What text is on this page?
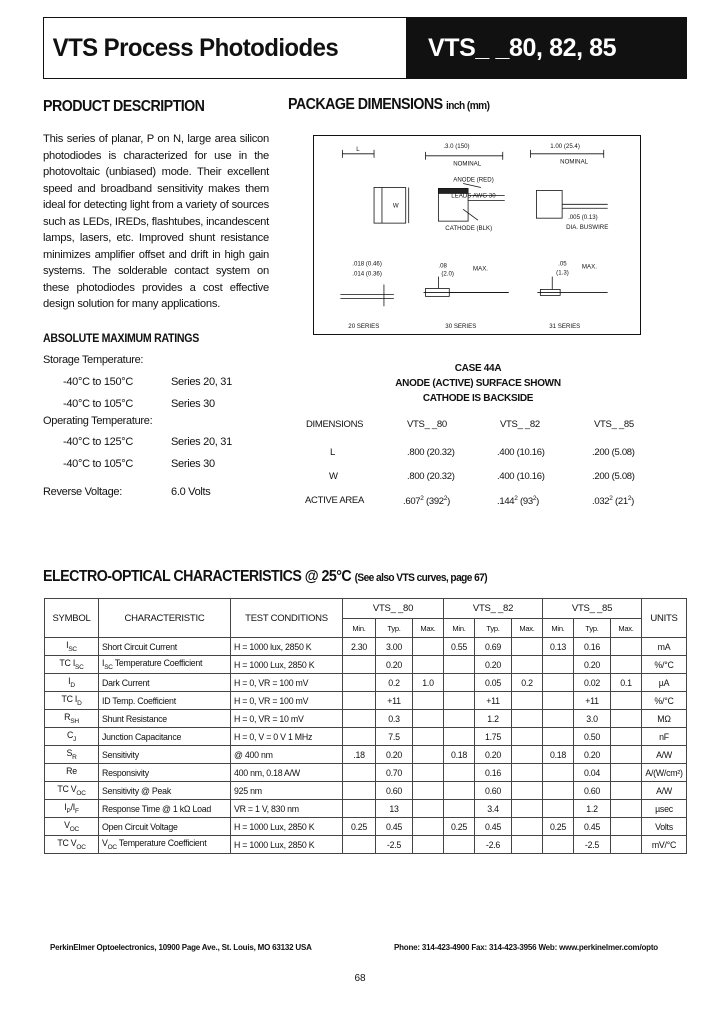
VTS Process Photodiodes	VTS_ _80, 82, 85
PRODUCT DESCRIPTION
This series of planar, P on N, large area silicon photodiodes is characterized for use in the photovoltaic (unbiased) mode. Their excellent speed and broadband sensitivity makes them ideal for detecting light from a variety of sources such as LEDs, IREDs, flashtubes, incandescent lamps, lasers, etc. Improved shunt resistance minimizes amplifier offset and drift in high gain systems. The solderable contact system on these photodiodes provides a cost effective design solution for many applications.
ABSOLUTE MAXIMUM RATINGS
Storage Temperature:
-40°C to 150°C	Series 20, 31
-40°C to 105°C	Series 30
Operating Temperature:
-40°C to 125°C	Series 20, 31
-40°C to 105°C	Series 30
Reverse Voltage:	6.0 Volts
PACKAGE DIMENSIONS inch (mm)
L
W
.3.0 (150)
NOMINAL
ANODE (RED)
LEADS AWG 30
CATHODE (BLK)
1.00 (25.4)
NOMINAL
.005 (0.13)
DIA. BUSWIRE
.018 (0.46)
.014 (0.36)
.08
(2.0)
MAX.
.05
(1.3)
MAX.
20 SERIES	30 SERIES	31 SERIES
CASE 44A
ANODE (ACTIVE) SURFACE SHOWN
CATHODE IS BACKSIDE
DIMENSIONS	VTS_ _80	VTS_ _82	VTS_ _85
L	.800 (20.32)	.400 (10.16)	.200 (5.08)
W	.800 (20.32)	.400 (10.16)	.200 (5.08)
ACTIVE AREA	.607$^2$ $(392^2)$	.144$^2$ $(93^2)$	.032$^2$ $(21^2)$
ELECTRO-OPTICAL CHARACTERISTICS @ 25°C (See also VTS curves, page 67)
SYMBOL	CHARACTERISTIC	TEST CONDITIONS	VTS_ _80			VTS_ _82			VTS_ _85			UNITS
			Min.	Typ.	Max.	Min.	Typ.	Max.	Min.	Typ.	Max.	
$I_{SC}$	Short Circuit Current	H = 1000 lux, 2850 K	2.30	3.00		0.55	0.69		0.13	0.16		mA
TC $I_{SC}$	$I_{SC}$ Temperature Coefficient	H = 1000 Lux, 2850 K		0.20			0.20			0.20		%/°C
$I_D$	Dark Current	H = 0, VR = 100 mV		0.2	1.0		0.05	0.2		0.02	0.1	µA
TC $I_D$	ID Temp. Coefficient	H = 0, VR = 100 mV		+11			+11			+11		%/°C
$R_{SH}$	Shunt Resistance	H = 0, VR = 10 mV		0.3			1.2			3.0		MΩ
$C_J$	Junction Capacitance	H = 0, V = 0 V 1 MHz		7.5			1.75			0.50		nF
$S_R$	Sensitivity	@ 400 nm	.18	0.20		0.18	0.20		0.18	0.20		A/W
Re	Responsivity	400 nm, 0.18 A/W		0.70			0.16			0.04		A/(W/cm²)
TC $V_{OC}$	Sensitivity @ Peak	925 nm		0.60			0.60			0.60		A/W
$I_P/I_F$	Response Time @ 1 kΩ Load	VR = 1 V, 830 nm		13			3.4			1.2		µsec
$V_{OC}$	Open Circuit Voltage	H = 1000 Lux, 2850 K	0.25	0.45		0.25	0.45		0.25	0.45		Volts
TC $V_{OC}$	$V_{OC}$ Temperature Coefficient	H = 1000 Lux, 2850 K		-2.5			-2.6			-2.5		mV/°C
PerkinElmer Optoelectronics, 10900 Page Ave., St. Louis, MO 63132 USA	Phone: 314-423-4900 Fax: 314-423-3956 Web: www.perkinelmer.com/opto
68
